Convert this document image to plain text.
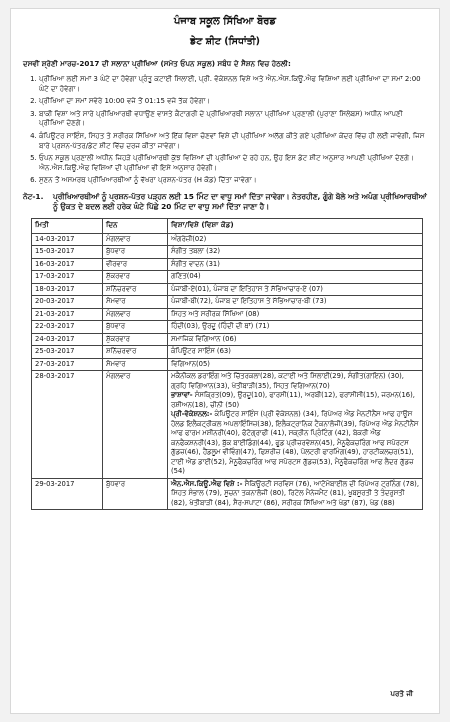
ਪੰਜਾਬ ਸਕੂਲ ਸਿੱਖਿਆ ਬੋਰਡ
ਡੇਟ ਸ਼ੀਟ (ਸਿਧਾਂਤੀ)
ਦਸਵੀਂ ਸ਼੍ਰੇਣੀ ਮਾਰਚ-2017 ਦੀ ਸਲਾਨਾ ਪ੍ਰੀਖਿਆ (ਸਮੇਤ ਓਪਨ ਸਕੂਲ) ਸਬੰਧ ਦੇ ਸੈਸ਼ਨ ਵਿਚ ਹੇਠਲੀ:
1. ਪ੍ਰੀਖਿਆ ਲਈ ਸਮਾਂ 3 ਘੰਟੇ ਦਾ ਹੋਵੇਗਾ ਪ੍ਰੰਤੂ ਕਟਾਈ ਸਿਲਾਈ, ਪ੍ਰੀ. ਵੋਕੇਸ਼ਨਲ ਵਿਸ਼ੇ ਅਤੇ ਐਨ.ਐਸ.ਕਿਊ.ਐਫ ਵਿਸ਼ਿਆਂ ਲਈ ਪ੍ਰੀਖਿਆ ਦਾ ਸਮਾਂ 2:00 ਘੰਟੇ ਦਾ ਹੋਵੇਗਾ।
2. ਪ੍ਰੀਖਿਆ ਦਾ ਸਮਾਂ ਸਵੇਰੇ 10:00 ਵਜੇ ਤੋਂ 01:15 ਵਜੇ ਤੱਕ ਹੋਵੇਗਾ।
3. ਬਾਕੀ ਵਿਸ਼ਾ ਅਤੇ ਸਾਰੇ ਪ੍ਰੀਖਿਆਰਥੀ ਵਧਾਉਣ ਵਾਸਤੇ ਕੈਟਾਗਰੀ ਦੇ ਪ੍ਰੀਖਿਆਰਥੀ ਸਲਾਨਾ ਪ੍ਰੀਖਿਆ ਪ੍ਰਣਾਲੀ (ਪੁਰਾਣਾ ਸਿਲੇਬਸ) ਅਧੀਨ ਆਪਣੀ ਪ੍ਰੀਖਿਆ ਦੇਣਗੇ।
4. ਕੰਪਿਊਟਰ ਸਾਇੰਸ, ਸਿਹਤ ਤੇ ਸਰੀਰਕ ਸਿੱਖਿਆ ਅਤੇ ਇੱਕ ਵਿਸ਼ਾ ਚੋਣਵਾਂ ਵਿਸ਼ੇ ਦੀ ਪ੍ਰੀਖਿਆ ਅਲੱਗ ਕੀਤੇ ਗਏ ਪ੍ਰੀਖਿਆ ਕੇਂਦਰ ਵਿੱਚ ਹੀ ਲਈ ਜਾਵੇਗੀ, ਜਿਸ ਬਾਰੇ ਪ੍ਰਸ਼ਨ-ਪੱਤਰ/ਡੇਟ ਸ਼ੀਟ ਵਿੱਚ ਦਰਜ ਕੀਤਾ ਜਾਵੇਗਾ।
5. ਓਪਨ ਸਕੂਲ ਪ੍ਰਣਾਲੀ ਅਧੀਨ ਜਿਹੜੇ ਪ੍ਰੀਖਿਆਰਥੀ ਕੁੱਝ ਵਿਸ਼ਿਆਂ ਦੀ ਪ੍ਰੀਖਿਆ ਦੇ ਰਹੇ ਹਨ, ਉਹ ਇਸ ਡੇਟ ਸ਼ੀਟ ਅਨੁਸਾਰ ਆਪਣੀ ਪ੍ਰੀਖਿਆ ਦੇਣਗੇ। ਐਨ.ਐਸ.ਕਿਊ.ਐਫ ਵਿਸ਼ਿਆਂ ਦੀ ਪ੍ਰੀਖਿਆ ਵੀ ਇਸੇ ਅਨੁਸਾਰ ਹੋਵੇਗੀ।
6. ਸੁਣਨ ਤੋਂ ਅਸਮਰਥ ਪ੍ਰੀਖਿਆਰਥੀਆਂ ਨੂੰ ਵੱਖਰਾ ਪ੍ਰਸ਼ਨ-ਪੱਤਰ (H ਕੋਡ) ਦਿੱਤਾ ਜਾਵੇਗਾ।
ਨੋਟ-1.	ਪ੍ਰੀਖਿਆਰਥੀਆਂ ਨੂੰ ਪ੍ਰਸ਼ਨ-ਪੱਤਰ ਪੜ੍ਹਨ ਲਈ 15 ਮਿੰਟ ਦਾ ਵਾਧੂ ਸਮਾਂ ਦਿੱਤਾ ਜਾਵੇਗਾ। ਨੇਤਰਹੀਣ, ਗੂੰਗੇ ਬੋਲੇ ਅਤੇ ਅਪੰਗ ਪ੍ਰੀਖਿਆਰਥੀਆਂ ਨੂੰ ਉਕਤ ਦੇ ਬਦਲ ਲਈ ਹਰੇਕ ਘੰਟੇ ਪਿੱਛੇ 20 ਮਿੰਟ ਦਾ ਵਾਧੂ ਸਮਾਂ ਦਿੱਤਾ ਜਾਣਾ ਹੈ।
ਮਿਤੀ	ਦਿਨ	ਵਿਸ਼ਾ/ਵਿਸ਼ੇ (ਵਿਸ਼ਾ ਕੋਡ)
14-03-2017	ਮੰਗਲਵਾਰ	ਅੰਗਰੇਜ਼ੀ(02)
15-03-2017	ਬੁੱਧਵਾਰ	ਸੰਗੀਤ ਤਬਲਾ (32)
16-03-2017	ਵੀਰਵਾਰ	ਸੰਗੀਤ ਵਾਦਨ (31)
17-03-2017	ਸ਼ੁੱਕਰਵਾਰ	ਗਣਿਤ(04)
18-03-2017	ਸ਼ਨਿੱਚਰਵਾਰ	ਪੰਜਾਬੀ-ਏ(01), ਪੰਜਾਬ ਦਾ ਇਤਿਹਾਸ ਤੇ ਸੱਭਿਆਚਾਰ-ਏ (07)
20-03-2017	ਸੋਮਵਾਰ	ਪੰਜਾਬੀ-ਬੀ(72), ਪੰਜਾਬ ਦਾ ਇਤਿਹਾਸ ਤੇ ਸੱਭਿਆਚਾਰ-ਬੀ (73)
21-03-2017	ਮੰਗਲਵਾਰ	ਸਿਹਤ ਅਤੇ ਸਰੀਰਕ ਸਿੱਖਿਆ (08)
22-03-2017	ਬੁੱਧਵਾਰ	ਹਿੰਦੀ(03), ਉਰਦੂ (ਹਿੰਦੀ ਦੀ ਥਾਂ) (71)
24-03-2017	ਸ਼ੁੱਕਰਵਾਰ	ਸਮਾਜਿਕ ਵਿਗਿਆਨ (06)
25-03-2017	ਸ਼ਨਿੱਚਰਵਾਰ	ਕੰਪਿਊਟਰ ਸਾਇੰਸ (63)
27-03-2017	ਸੋਮਵਾਰ	ਵਿਗਿਆਨ(05)
28-03-2017	ਮੰਗਲਵਾਰ	ਮਕੈਨੀਕਲ ਡਰਾਇੰਗ ਅਤੇ ਚਿੱਤਰਕਲਾ(28), ਕਟਾਈ ਅਤੇ ਸਿਲਾਈ(29), ਸੰਗੀਤ(ਗਾਇਨ) (30), ਗ੍ਰਹਿ ਵਿਗਿਆਨ(33), ਖੇਤੀਬਾੜੀ(35), ਸਿਹਤ ਵਿਗਿਆਨ(70)
ਭਾਸ਼ਾਵਾਂ- ਸੰਸਕ੍ਰਿਤ(09), ਉਰਦੂ(10), ਫਾਰਸੀ(11), ਅਰਬੀ(12), ਫਰਾਂਸੀਸੀ(15), ਜਰਮਨ(16), ਰਸ਼ੀਅਨ(18), ਚੀਨੀ (50)
ਪ੍ਰੀ-ਵੋਕੇਸ਼ਨਲ:- ਕੰਪਿਊਟਰ ਸਾਇੰਸ (ਪ੍ਰੀ ਵੋਕੇਸ਼ਨਲ) (34), ਰਿਪੇਅਰ ਐਂਡ ਮੈਨਟੀਨੈਂਸ ਆਫ ਹਾਊਸ ਹੋਲਡ ਇਲੈਕਟ੍ਰੀਕਲ ਅਪਲਾਇੰਸਿਜ਼(38), ਇਲੈਕਟ੍ਰਾਨਿਕ ਟੈਕਨਾਲੋਜੀ(39), ਰਿਪੇਅਰ ਐਂਡ ਮੈਨਟੀਨੈਂਸ ਆਫ ਫਾਰਮ ਮਸ਼ੀਨਰੀ(40), ਫੋਟੋਗ੍ਰਾਫੀ (41), ਸਕ੍ਰੀਨ ਪ੍ਰਿੰਟਿੰਗ (42), ਬੇਕਰੀ ਐਂਡ ਕਨਫੈਕਸ਼ਨਰੀ(43), ਬੁੱਕ ਬਾਈਡਿੰਗ(44), ਫੂਡ ਪ੍ਰੀਜ਼ਰਵੇਸ਼ਨ(45), ਮੈਨੂਫੈਕਚਰਿੰਗ ਆਫ ਸਪੋਰਟਸ ਗੁੱਡਜ਼(46), ਹੈਂਡਲੂਮ ਵੀਵਿੰਗ(47), ਫਿਸ਼ਰੀਜ਼ (48), ਪੋਲਟਰੀ ਫਾਰਮਿੰਗ(49), ਹਾਰਟੀਕਲਚਰ(51), ਟਾਈ ਐਂਡ ਡਾਈ(52), ਮੈਨੂਫੈਕਚਰਿੰਗ ਆਫ ਸਪੋਰਟਸ ਗੁੱਡਜ਼(53), ਮੈਨੂਫੈਕਚਰਿੰਗ ਆਫ ਲੈਦਰ ਗੁੱਡਜ਼ (54)
29-03-2017	ਬੁੱਧਵਾਰ	ਐਨ.ਐਸ.ਕਿਊ.ਐਫ ਵਿਸ਼ੇ :- ਸੈਕਿਊਰਟੀ ਸਰਵਿਸ (76), ਆਟੋਮੋਬਾਈਲ ਦੀ ਰਿਪੇਅਰ ਟ੍ਰਨਿੰਗ (78), ਸਿਹਤ ਸੰਭਾਲ (79), ਸੂਚਨਾ ਤਕਨਾਲੋਜੀ (80), ਰਿਟੇਲ ਮੈਨੇਜਮੈਂਟ (81), ਖੂਬਸੂਰਤੀ ਤੇ ਤੰਦਰੁਸਤੀ (82), ਖੇਤੀਬਾੜੀ (84), ਸੈਰ-ਸਪਾਟਾ (86), ਸਰੀਰਕ ਸਿੱਖਿਆ ਅਤੇ ਖੇਡਾਂ (87), ਖੇਡ (88)
ਪਰਤੋ ਜੀ
